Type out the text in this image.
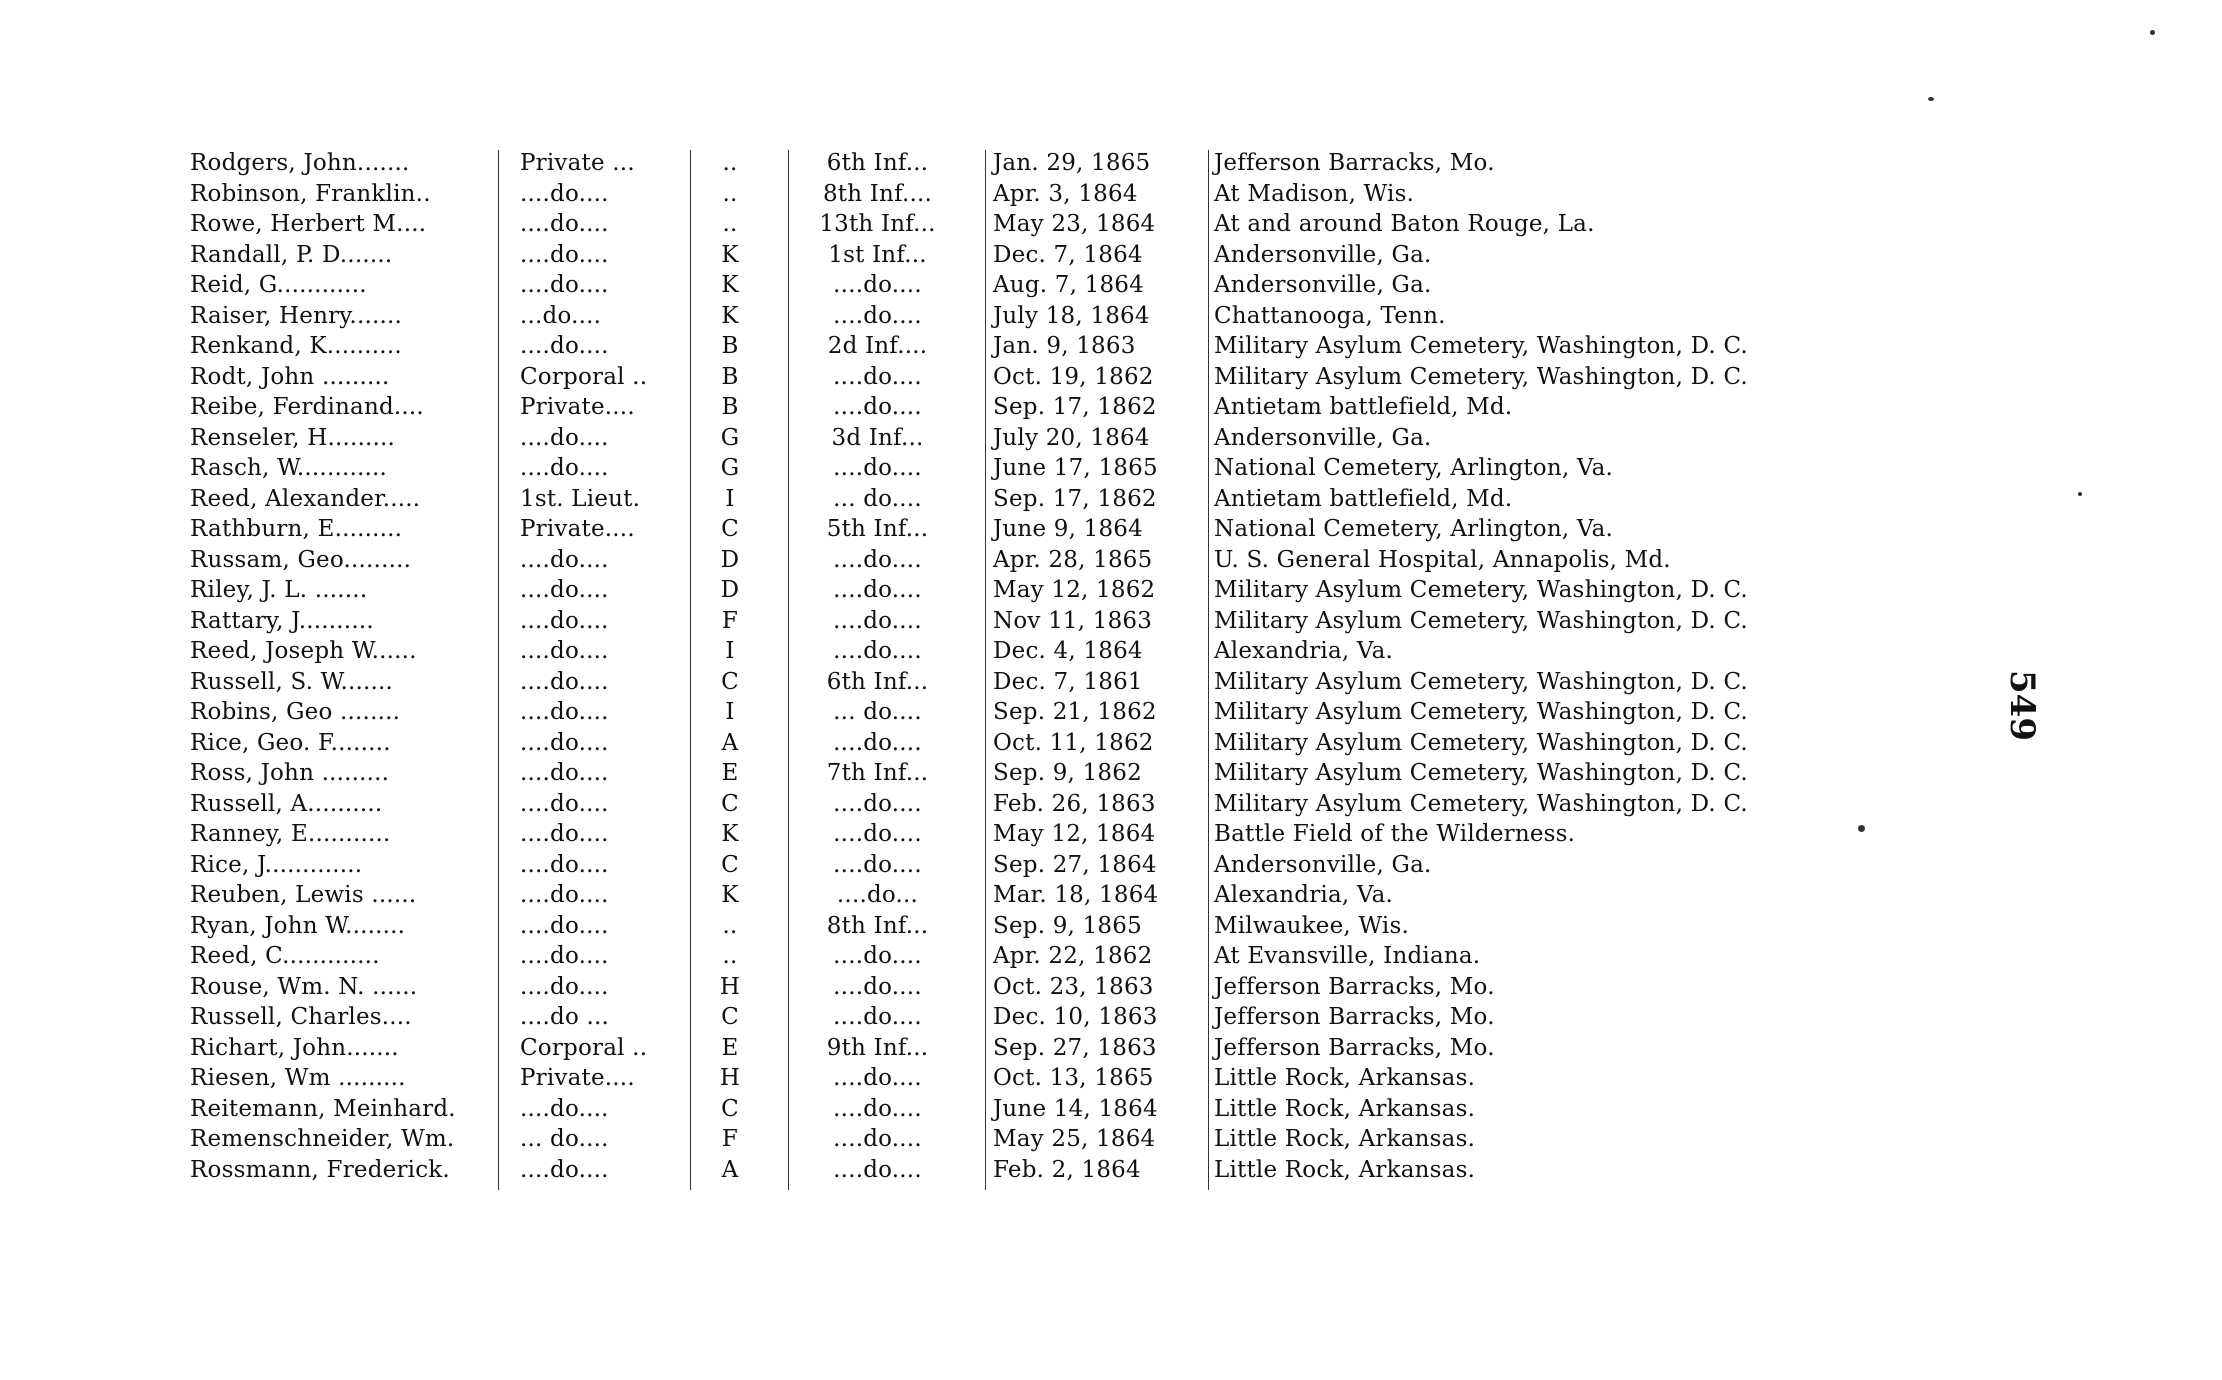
Rodgers, John.......	Private ...	..	6th Inf...	Jan. 29, 1865	Jefferson Barracks, Mo.
Robinson, Franklin..	....do....	..	8th Inf....	Apr. 3, 1864	At Madison, Wis.
Rowe, Herbert M....	....do....	..	13th Inf...	May 23, 1864	At and around Baton Rouge, La.
Randall, P. D.......	....do....	K	1st Inf...	Dec. 7, 1864	Andersonville, Ga.
Reid, G............	....do....	K	....do....	Aug. 7, 1864	Andersonville, Ga.
Raiser, Henry.......	...do....	K	....do....	July 18, 1864	Chattanooga, Tenn.
Renkand, K..........	....do....	B	2d Inf....	Jan. 9, 1863	Military Asylum Cemetery, Washington, D. C.
Rodt, John .........	Corporal ..	B	....do....	Oct. 19, 1862	Military Asylum Cemetery, Washington, D. C.
Reibe, Ferdinand....	Private....	B	....do....	Sep. 17, 1862	Antietam battlefield, Md.
Renseler, H.........	....do....	G	3d Inf...	July 20, 1864	Andersonville, Ga.
Rasch, W............	....do....	G	....do....	June 17, 1865	National Cemetery, Arlington, Va.
Reed, Alexander.....	1st. Lieut.	I	... do....	Sep. 17, 1862	Antietam battlefield, Md.
Rathburn, E.........	Private....	C	5th Inf...	June 9, 1864	National Cemetery, Arlington, Va.
Russam, Geo.........	....do....	D	....do....	Apr. 28, 1865	U. S. General Hospital, Annapolis, Md.
Riley, J. L. .......	....do....	D	....do....	May 12, 1862	Military Asylum Cemetery, Washington, D. C.
Rattary, J..........	....do....	F	....do....	Nov 11, 1863	Military Asylum Cemetery, Washington, D. C.
Reed, Joseph W......	....do....	I	....do....	Dec. 4, 1864	Alexandria, Va.
Russell, S. W.......	....do....	C	6th Inf...	Dec. 7, 1861	Military Asylum Cemetery, Washington, D. C.
Robins, Geo ........	....do....	I	... do....	Sep. 21, 1862	Military Asylum Cemetery, Washington, D. C.
Rice, Geo. F........	....do....	A	....do....	Oct. 11, 1862	Military Asylum Cemetery, Washington, D. C.
Ross, John .........	....do....	E	7th Inf...	Sep. 9, 1862	Military Asylum Cemetery, Washington, D. C.
Russell, A..........	....do....	C	....do....	Feb. 26, 1863	Military Asylum Cemetery, Washington, D. C.
Ranney, E...........	....do....	K	....do....	May 12, 1864	Battle Field of the Wilderness.
Rice, J.............	....do....	C	....do....	Sep. 27, 1864	Andersonville, Ga.
Reuben, Lewis ......	....do....	K	....do...	Mar. 18, 1864	Alexandria, Va.
Ryan, John W........	....do....	..	8th Inf...	Sep. 9, 1865	Milwaukee, Wis.
Reed, C.............	....do....	..	....do....	Apr. 22, 1862	At Evansville, Indiana.
Rouse, Wm. N. ......	....do....	H	....do....	Oct. 23, 1863	Jefferson Barracks, Mo.
Russell, Charles....	....do ...	C	....do....	Dec. 10, 1863	Jefferson Barracks, Mo.
Richart, John.......	Corporal ..	E	9th Inf...	Sep. 27, 1863	Jefferson Barracks, Mo.
Riesen, Wm .........	Private....	H	....do....	Oct. 13, 1865	Little Rock, Arkansas.
Reitemann, Meinhard.	....do....	C	....do....	June 14, 1864	Little Rock, Arkansas.
Remenschneider, Wm.	... do....	F	....do....	May 25, 1864	Little Rock, Arkansas.
Rossmann, Frederick.	....do....	A	....do....	Feb. 2, 1864	Little Rock, Arkansas.
549
